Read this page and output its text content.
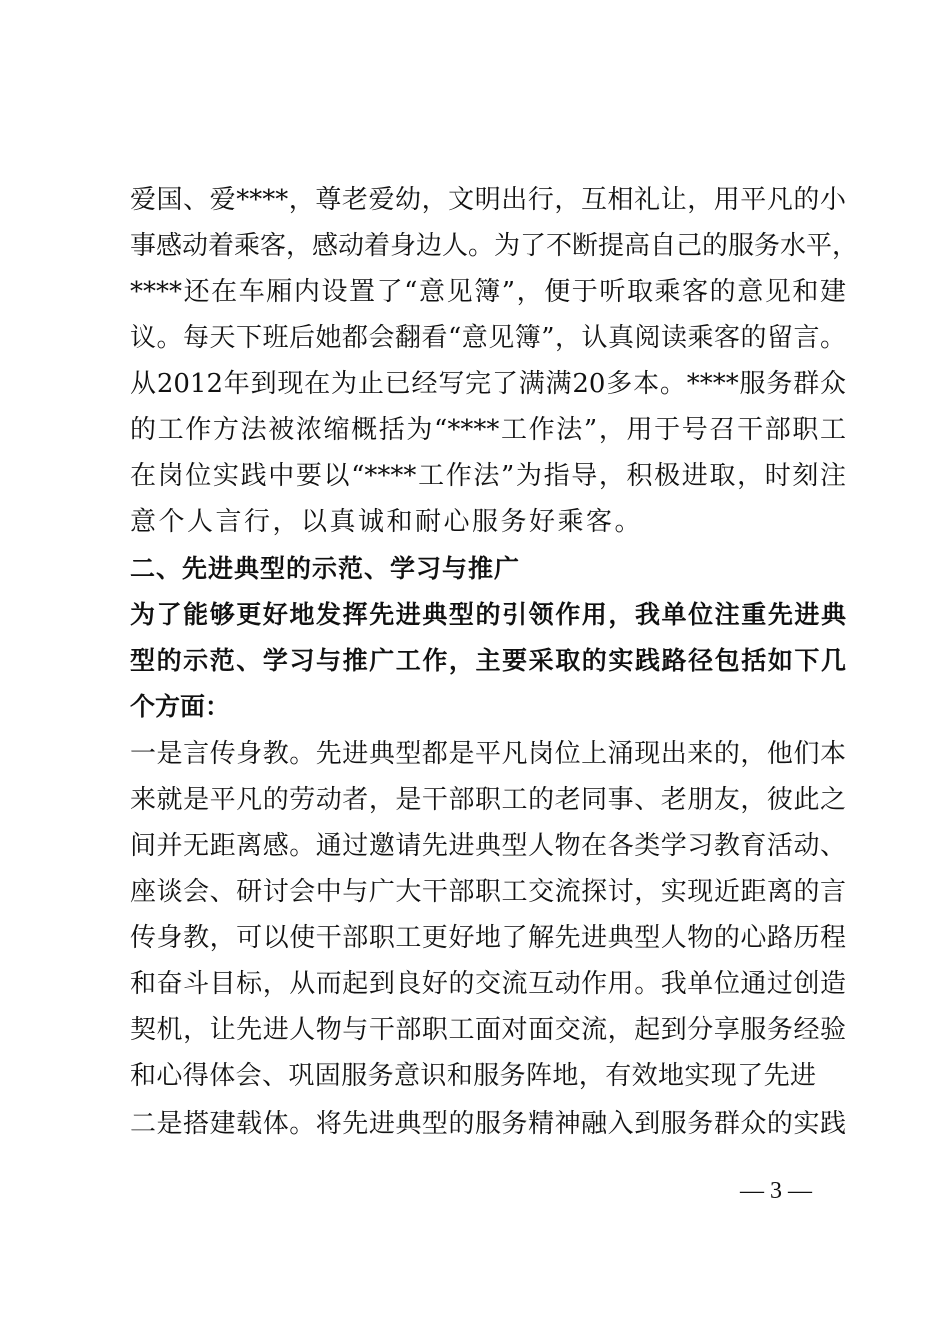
爱国、爱****，尊老爱幼，文明出行，互相礼让，用平凡的小
事感动着乘客，感动着身边人。为了不断提高自己的服务水平，
****还在车厢内设置了“意见簿”，便于听取乘客的意见和建
议。每天下班后她都会翻看“意见簿”，认真阅读乘客的留言。
从2012年到现在为止已经写完了满满20多本。****服务群众
的工作方法被浓缩概括为“****工作法”，用于号召干部职工
在岗位实践中要以“****工作法”为指导，积极进取，时刻注
意个人言行，以真诚和耐心服务好乘客。
二、先进典型的示范、学习与推广
为了能够更好地发挥先进典型的引领作用，我单位注重先进典
型的示范、学习与推广工作，主要采取的实践路径包括如下几
个方面：
一是言传身教。先进典型都是平凡岗位上涌现出来的，他们本
来就是平凡的劳动者，是干部职工的老同事、老朋友，彼此之
间并无距离感。通过邀请先进典型人物在各类学习教育活动、
座谈会、研讨会中与广大干部职工交流探讨，实现近距离的言
传身教，可以使干部职工更好地了解先进典型人物的心路历程
和奋斗目标，从而起到良好的交流互动作用。我单位通过创造
契机，让先进人物与干部职工面对面交流，起到分享服务经验
和心得体会、巩固服务意识和服务阵地，有效地实现了先进
二是搭建载体。将先进典型的服务精神融入到服务群众的实践
— 3 —
